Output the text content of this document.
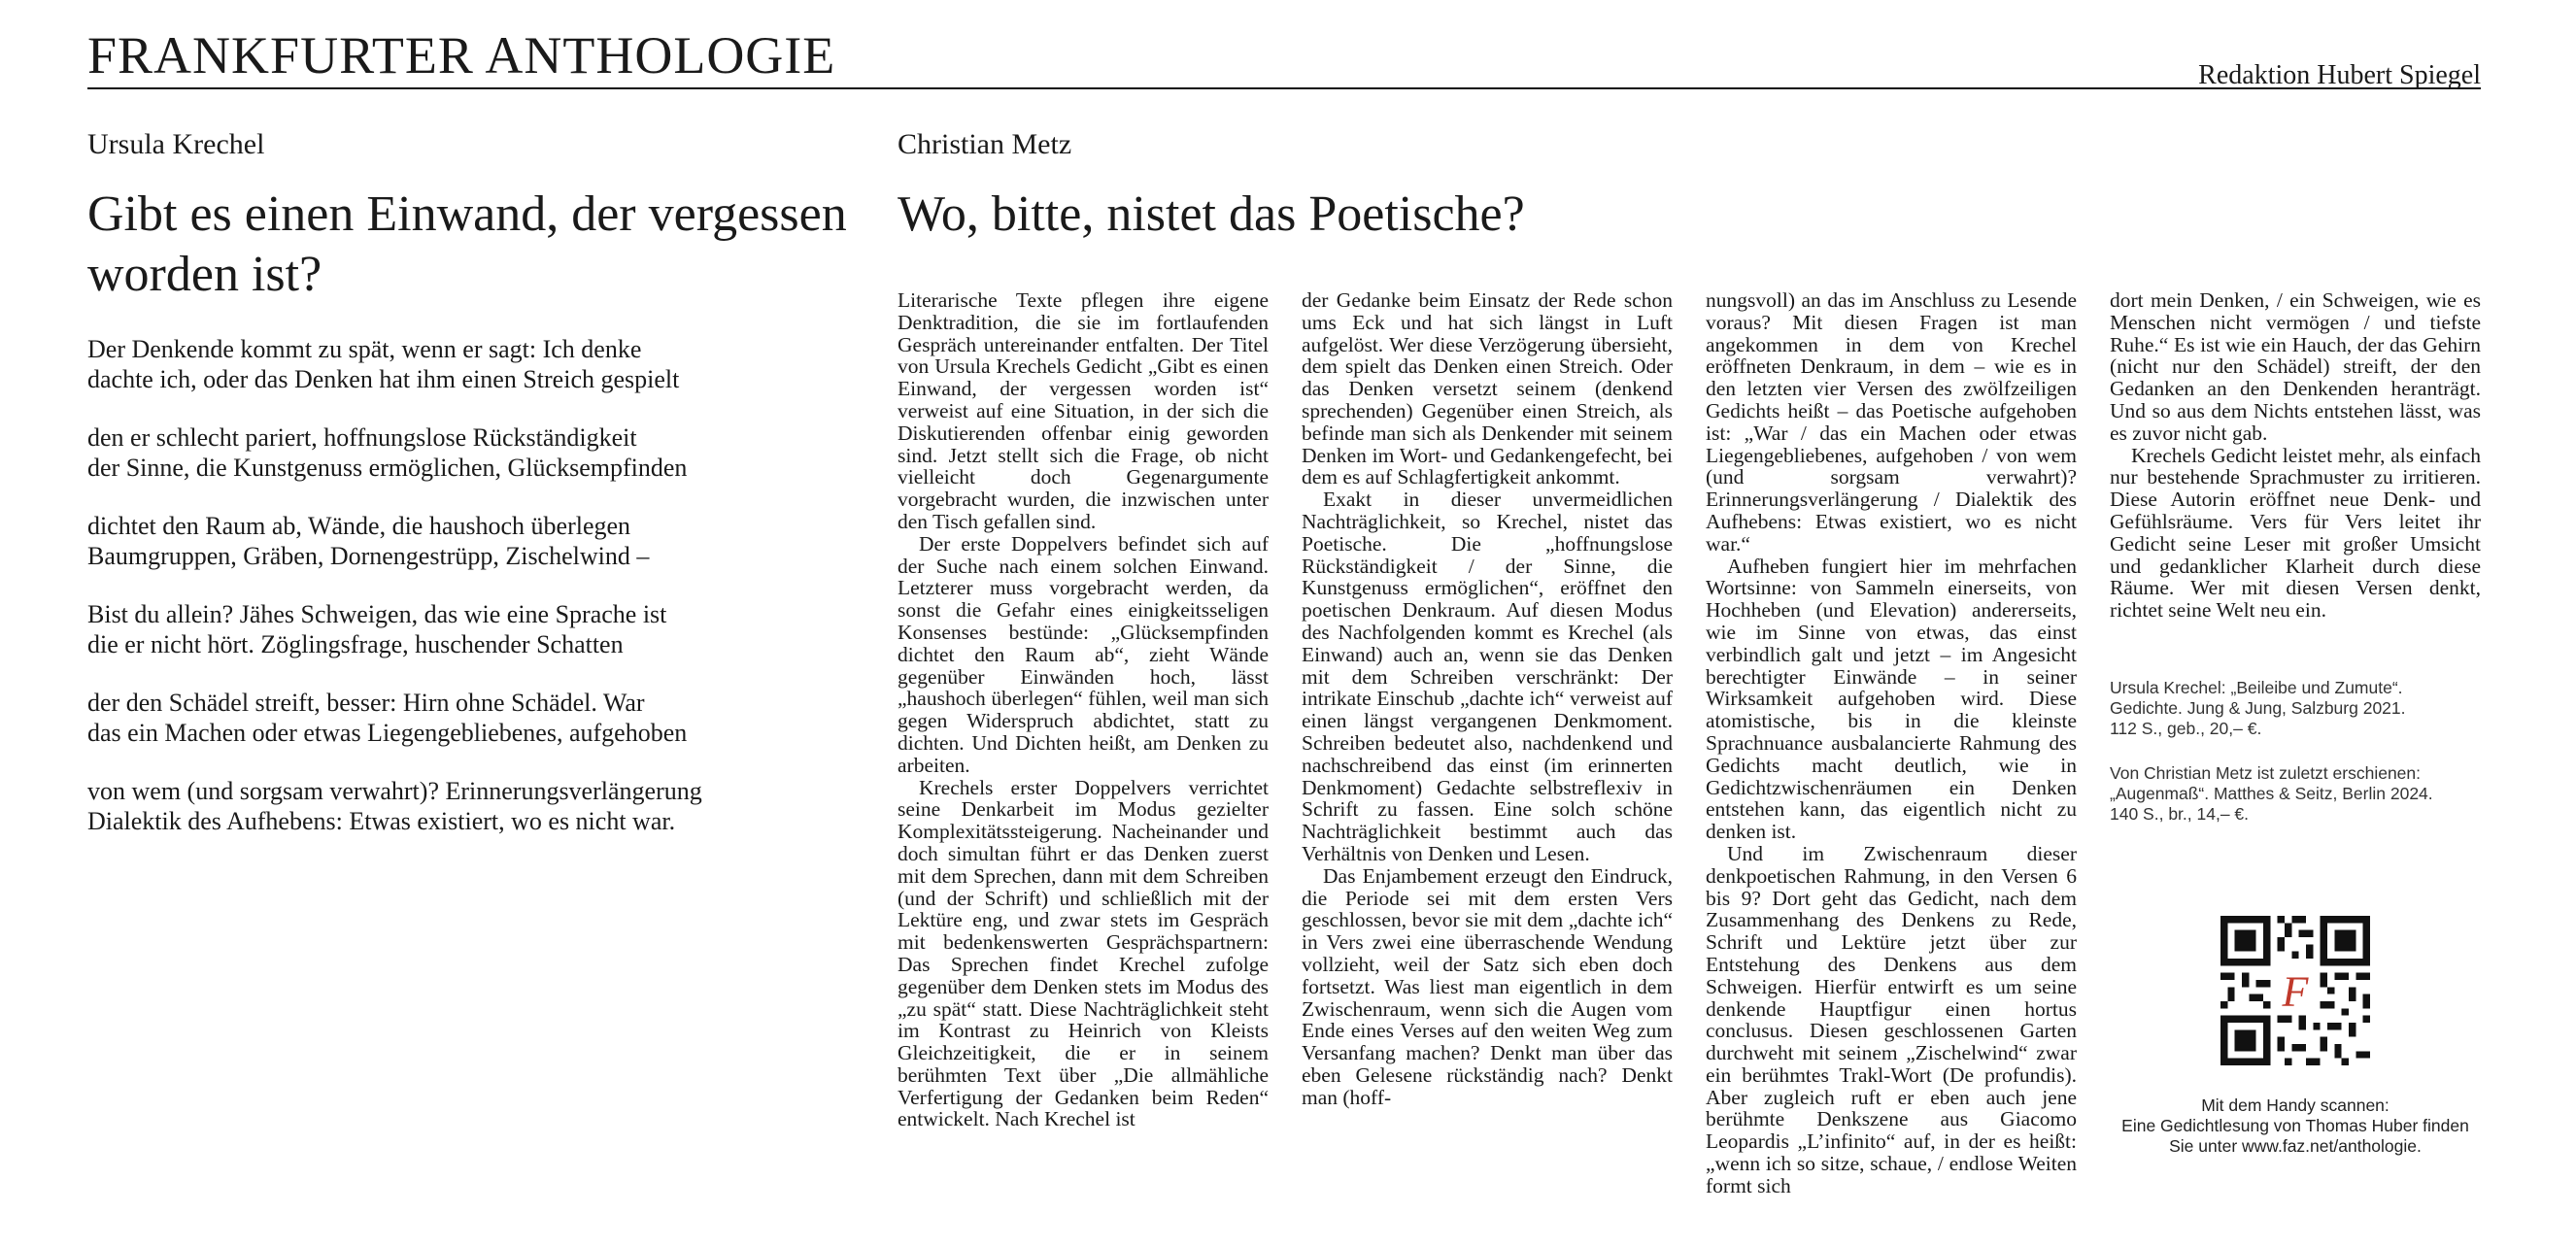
FRANKFURTER ANTHOLOGIE	Redaktion Hubert Spiegel
Ursula Krechel
Gibt es einen Einwand, der vergessen worden ist?
Der Denkende kommt zu spät, wenn er sagt: Ich denke
dachte ich, oder das Denken hat ihm einen Streich gespielt
den er schlecht pariert, hoffnungslose Rückständigkeit
der Sinne, die Kunstgenuss ermöglichen, Glücksempfinden
dichtet den Raum ab, Wände, die haushoch überlegen
Baumgruppen, Gräben, Dornengestrüpp, Zischelwind –
Bist du allein? Jähes Schweigen, das wie eine Sprache ist
die er nicht hört. Zöglingsfrage, huschender Schatten
der den Schädel streift, besser: Hirn ohne Schädel. War
das ein Machen oder etwas Liegengebliebenes, aufgehoben
von wem (und sorgsam verwahrt)? Erinnerungsverlängerung
Dialektik des Aufhebens: Etwas existiert, wo es nicht war.
Christian Metz
Wo, bitte, nistet das Poetische?

Literarische Texte pflegen ihre eigene Denktradition, die sie im fortlaufenden Gespräch untereinander entfalten. Der Titel von Ursula Krechels Gedicht „Gibt es einen Einwand, der vergessen worden ist“ verweist auf eine Situation, in der sich die Diskutierenden offenbar einig geworden sind. Jetzt stellt sich die Frage, ob nicht vielleicht doch Gegenargumente vorgebracht wurden, die inzwischen unter den Tisch gefallen sind.

Der erste Doppelvers befindet sich auf der Suche nach einem solchen Einwand. Letzterer muss vorgebracht werden, da sonst die Gefahr eines einigkeitsseligen Konsenses bestünde: „Glücksempfinden dichtet den Raum ab“, zieht Wände gegenüber Einwänden hoch, lässt „haushoch überlegen“ fühlen, weil man sich gegen Widerspruch abdichtet, statt zu dichten. Und Dichten heißt, am Denken zu arbeiten.

Krechels erster Doppelvers verrichtet seine Denkarbeit im Modus gezielter Komplexitätssteigerung. Nacheinander und doch simultan führt er das Denken zuerst mit dem Sprechen, dann mit dem Schreiben (und der Schrift) und schließlich mit der Lektüre eng, und zwar stets im Gespräch mit bedenkenswerten Gesprächspartnern: Das Sprechen findet Krechel zufolge gegenüber dem Denken stets im Modus des „zu spät“ statt. Diese Nachträglichkeit steht im Kontrast zu Heinrich von Kleists Gleichzeitigkeit, die er in seinem berühmten Text über „Die allmähliche Verfertigung der Gedanken beim Reden“ entwickelt. Nach Krechel ist

der Gedanke beim Einsatz der Rede schon ums Eck und hat sich längst in Luft aufgelöst. Wer diese Verzögerung übersieht, dem spielt das Denken einen Streich. Oder das Denken versetzt seinem (denkend sprechenden) Gegenüber einen Streich, als befinde man sich als Denkender mit seinem Denken im Wort- und Gedankengefecht, bei dem es auf Schlagfertigkeit ankommt.

Exakt in dieser unvermeidlichen Nachträglichkeit, so Krechel, nistet das Poetische. Die „hoffnungslose Rückständigkeit / der Sinne, die Kunstgenuss ermöglichen“, eröffnet den poetischen Denkraum. Auf diesen Modus des Nachfolgenden kommt es Krechel (als Einwand) auch an, wenn sie das Denken mit dem Schreiben verschränkt: Der intrikate Einschub „dachte ich“ verweist auf einen längst vergangenen Denkmoment. Schreiben bedeutet also, nachdenkend und nachschreibend das einst (im erinnerten Denkmoment) Gedachte selbstreflexiv in Schrift zu fassen. Eine solch schöne Nachträglichkeit bestimmt auch das Verhältnis von Denken und Lesen.

Das Enjambement erzeugt den Eindruck, die Periode sei mit dem ersten Vers geschlossen, bevor sie mit dem „dachte ich“ in Vers zwei eine überraschende Wendung vollzieht, weil der Satz sich eben doch fortsetzt. Was liest man eigentlich in dem Zwischenraum, wenn sich die Augen vom Ende eines Verses auf den weiten Weg zum Versanfang machen? Denkt man über das eben Gelesene rückständig nach? Denkt man (hoff-

nungsvoll) an das im Anschluss zu Lesende voraus? Mit diesen Fragen ist man angekommen in dem von Krechel eröffneten Denkraum, in dem – wie es in den letzten vier Versen des zwölfzeiligen Gedichts heißt – das Poetische aufgehoben ist: „War / das ein Machen oder etwas Liegengebliebenes, aufgehoben / von wem (und sorgsam verwahrt)? Erinnerungsverlängerung / Dialektik des Aufhebens: Etwas existiert, wo es nicht war.“

Aufheben fungiert hier im mehrfachen Wortsinne: von Sammeln einerseits, von Hochheben (und Elevation) andererseits, wie im Sinne von etwas, das einst verbindlich galt und jetzt – im Angesicht berechtigter Einwände – in seiner Wirksamkeit aufgehoben wird. Diese atomistische, bis in die kleinste Sprachnuance ausbalancierte Rahmung des Gedichts macht deutlich, wie in Gedichtzwischenräumen ein Denken entstehen kann, das eigentlich nicht zu denken ist.

Und im Zwischenraum dieser denkpoetischen Rahmung, in den Versen 6 bis 9? Dort geht das Gedicht, nach dem Zusammenhang des Denkens zu Rede, Schrift und Lektüre jetzt über zur Entstehung des Denkens aus dem Schweigen. Hierfür entwirft es um seine denkende Hauptfigur einen hortus conclusus. Diesen geschlossenen Garten durchweht mit seinem „Zischelwind“ zwar ein berühmtes Trakl-Wort (De profundis). Aber zugleich ruft er eben auch jene berühmte Denkszene aus Giacomo Leopardis „L’infinito“ auf, in der es heißt: „wenn ich so sitze, schaue, / endlose Weiten formt sich

dort mein Denken, / ein Schweigen, wie es Menschen nicht vermögen / und tiefste Ruhe.“ Es ist wie ein Hauch, der das Gehirn (nicht nur den Schädel) streift, der den Gedanken an den Denkenden heranträgt. Und so aus dem Nichts entstehen lässt, was es zuvor nicht gab.

Krechels Gedicht leistet mehr, als einfach nur bestehende Sprachmuster zu irritieren. Diese Autorin eröffnet neue Denk- und Gefühlsräume. Vers für Vers leitet ihr Gedicht seine Leser mit großer Umsicht und gedanklicher Klarheit durch diese Räume. Wer mit diesen Versen denkt, richtet seine Welt neu ein.

Ursula Krechel: „Beileibe und Zumute“.
Gedichte. Jung & Jung, Salzburg 2021.
112 S., geb., 20,– €.
Von Christian Metz ist zuletzt erschienen:
„Augenmaß“. Matthes & Seitz, Berlin 2024.
140 S., br., 14,– €.
F
Mit dem Handy scannen:
Eine Gedichtlesung von Thomas Huber finden
Sie unter www.faz.net/anthologie.
